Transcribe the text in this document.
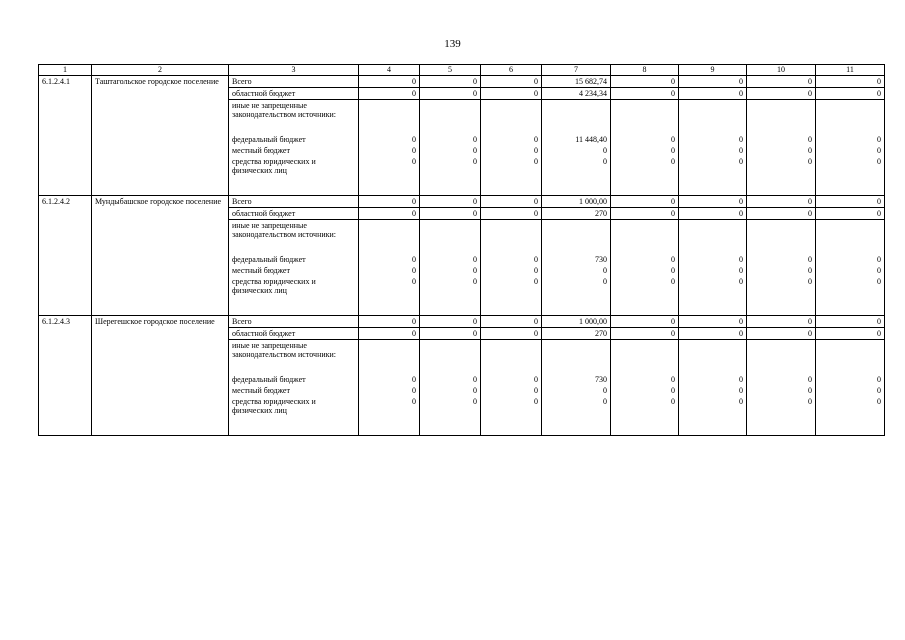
139
1	2	3	4	5	6	7	8	9	10	11
6.1.2.4.1	Таштагольское городское поселение	Всего	0	0	0	15 682,74	0	0	0	0
		областной бюджет	0	0	0	4 234,34	0	0	0	0
		иные не запрещенные законодательством источники:								
		федеральный бюджет	0	0	0	11 448,40	0	0	0	0
		местный бюджет	0	0	0	0	0	0	0	0
		средства юридических и физических лиц	0	0	0	0	0	0	0	0
6.1.2.4.2	Мундыбашское городское поселение	Всего	0	0	0	1 000,00	0	0	0	0
		областной бюджет	0	0	0	270	0	0	0	0
		иные не запрещенные законодательством источники:								
		федеральный бюджет	0	0	0	730	0	0	0	0
		местный бюджет	0	0	0	0	0	0	0	0
		средства юридических и физических лиц	0	0	0	0	0	0	0	0
6.1.2.4.3	Шерегешское городское поселение	Всего	0	0	0	1 000,00	0	0	0	0
		областной бюджет	0	0	0	270	0	0	0	0
		иные не запрещенные законодательством источники:								
		федеральный бюджет	0	0	0	730	0	0	0	0
		местный бюджет	0	0	0	0	0	0	0	0
		средства юридических и физических лиц	0	0	0	0	0	0	0	0
